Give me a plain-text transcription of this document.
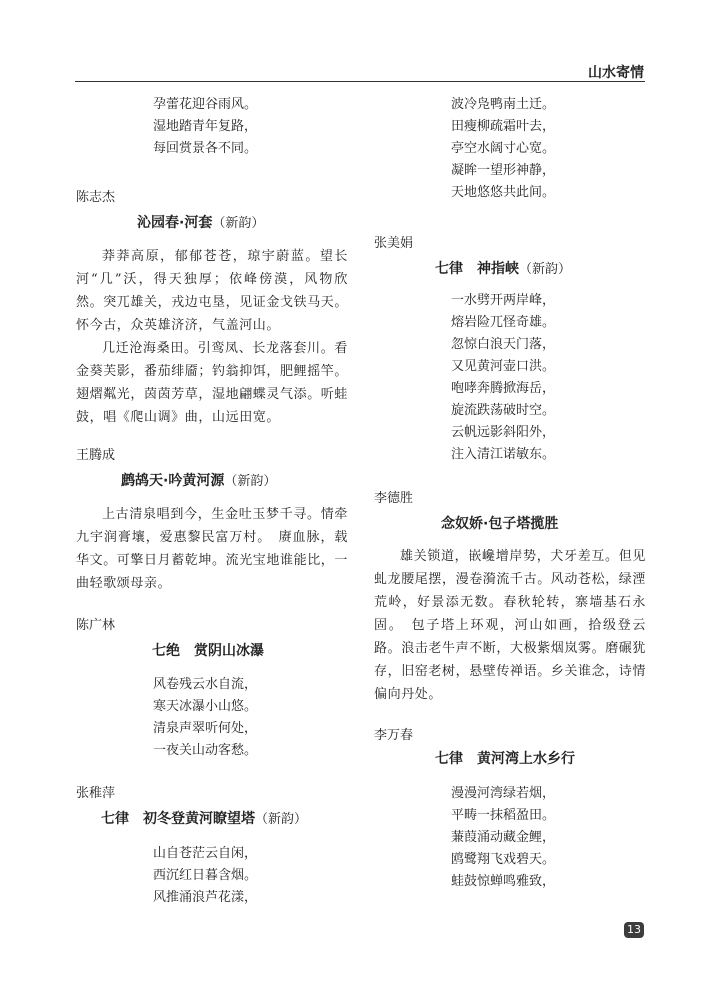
山水寄情
孕蕾花迎谷雨风。
湿地踏青年复路，
每回赏景各不同。
陈志杰
沁园春·河套（新韵）

莽莽高原，郁郁苍苍，琼宇蔚蓝。望长河“几”沃，得天独厚；依峰傍漠，风物欣然。突兀雄关，戎边屯垦，见证金戈铁马天。怀今古，众英雄济济，气盖河山。

几迁沧海桑田。引鸾凤、长龙落套川。看金葵芙影，番茄绯靥；钓翁抑饵，肥鲤摇竿。翅熠粼光，茵茵芳草，湿地翩蝶灵气添。听蛙鼓，唱《爬山调》曲，山远田宽。

王腾成
鹧鸪天·吟黄河源（新韵）

上古清泉唱到今，生金吐玉梦千寻。情牵九宇润膏壤，爱惠黎民富万村。　赓血脉，载华文。可擎日月蓄乾坤。流光宝地谁能比，一曲轻歌颂母亲。

陈广林
七绝　赏阴山冰瀑
风卷残云水自流，
寒天冰瀑小山悠。
清泉声翠听何处，
一夜关山动客愁。
张稚萍
七律　初冬登黄河瞭望塔（新韵）
山自苍茫云自闲，
西沉红日暮含烟。
风推涌浪芦花漾，
波冷凫鸭南土迁。
田瘦柳疏霜叶去，
亭空水阔寸心宽。
凝眸一望形神静，
天地悠悠共此间。
张美娟
七律　神指峡（新韵）
一水劈开两岸峰，
熔岩险兀怪奇雄。
忽惊白浪天门落，
又见黄河壶口洪。
咆哮奔腾掀海岳，
旋流跌荡破时空。
云帆远影斜阳外，
注入清江诺敏东。
李德胜
念奴娇·包子塔揽胜

雄关锁道，嵌巉增岸势，犬牙差互。但见虬龙腰尾摆，漫卷漪流千古。风动苍松，绿湮荒岭，好景添无数。春秋轮转，寨墙基石永固。　包子塔上环观，河山如画，拾级登云路。浪击老牛声不断，大极紫烟岚雾。磨碾犹存，旧窑老树，悬壁传禅语。乡关谁念，诗情偏向丹处。

李万春
七律　黄河湾上水乡行
漫漫河湾绿若烟，
平畴一抹稻盈田。
蒹葭涌动藏金鲤，
鸥鹭翔飞戏碧天。
蛙鼓惊蝉鸣雅致，
13
